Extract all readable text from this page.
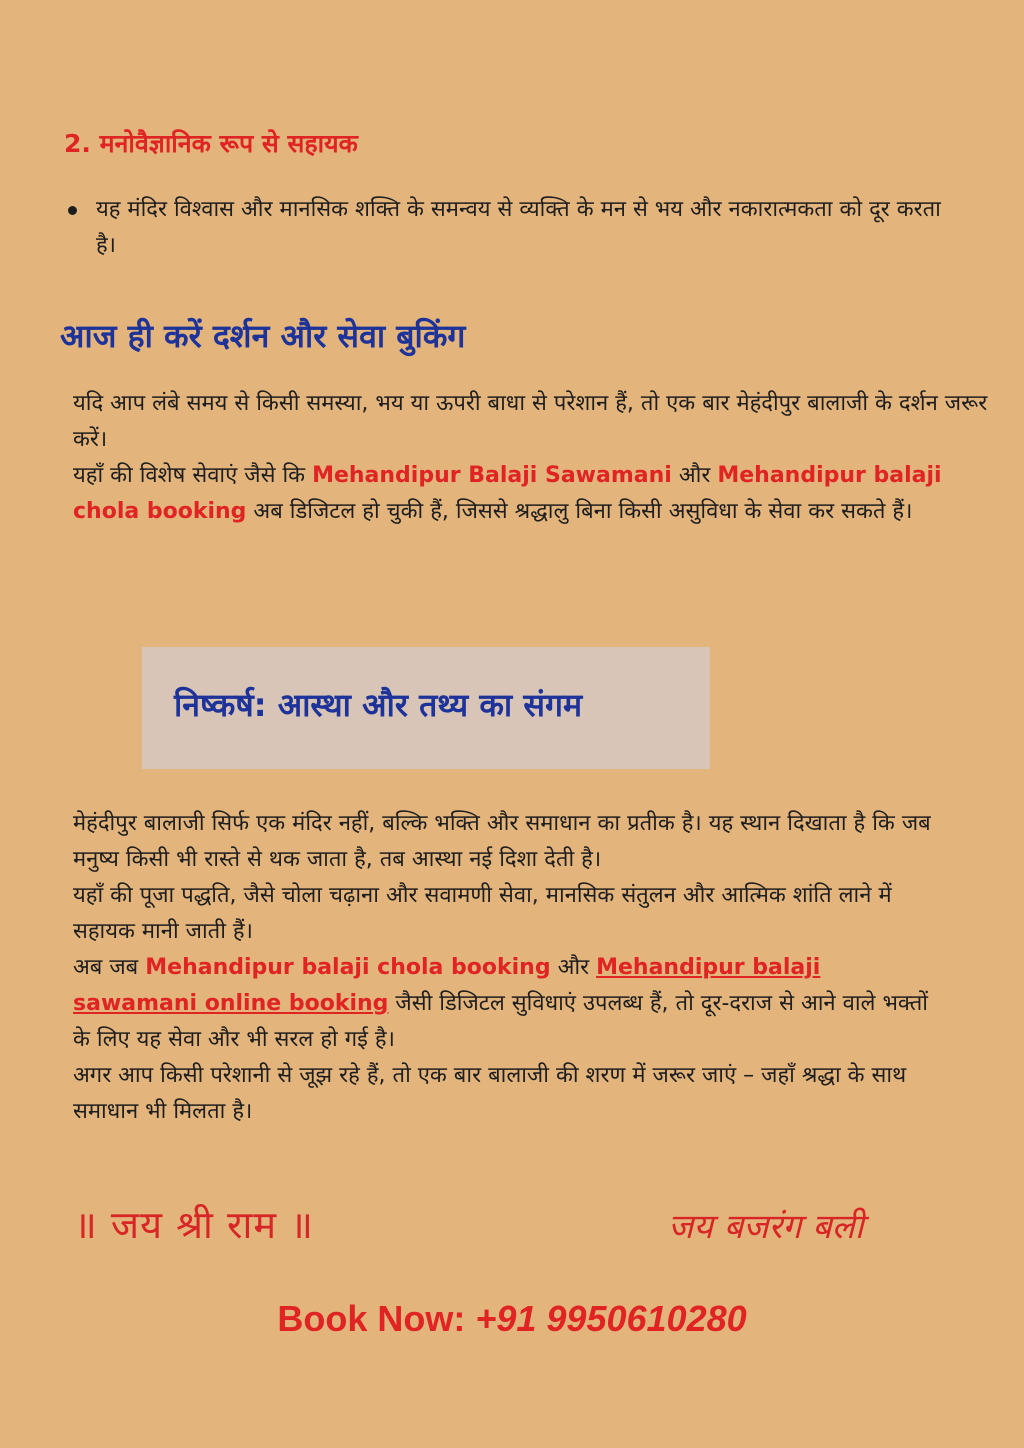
2. मनोवैज्ञानिक रूप से सहायक
यह मंदिर विश्वास और मानसिक शक्ति के समन्वय से व्यक्ति के मन से भय और नकारात्मकता को दूर करता है।
आज ही करें दर्शन और सेवा बुकिंग
यदि आप लंबे समय से किसी समस्या, भय या ऊपरी बाधा से परेशान हैं, तो एक बार मेहंदीपुर बालाजी के दर्शन जरूर करें।
यहाँ की विशेष सेवाएं जैसे कि Mehandipur Balaji Sawamani और Mehandipur balaji chola booking अब डिजिटल हो चुकी हैं, जिससे श्रद्धालु बिना किसी असुविधा के सेवा कर सकते हैं।
निष्कर्ष: आस्था और तथ्य का संगम
मेहंदीपुर बालाजी सिर्फ एक मंदिर नहीं, बल्कि भक्ति और समाधान का प्रतीक है। यह स्थान दिखाता है कि जब मनुष्य किसी भी रास्ते से थक जाता है, तब आस्था नई दिशा देती है।
यहाँ की पूजा पद्धति, जैसे चोला चढ़ाना और सवामणी सेवा, मानसिक संतुलन और आत्मिक शांति लाने में सहायक मानी जाती हैं।
अब जब Mehandipur balaji chola booking और Mehandipur balaji sawamani online booking जैसी डिजिटल सुविधाएं उपलब्ध हैं, तो दूर-दराज से आने वाले भक्तों के लिए यह सेवा और भी सरल हो गई है।
अगर आप किसी परेशानी से जूझ रहे हैं, तो एक बार बालाजी की शरण में जरूर जाएं – जहाँ श्रद्धा के साथ समाधान भी मिलता है।
॥ जय श्री राम ॥	जय बजरंग बली
Book Now: +91 9950610280
